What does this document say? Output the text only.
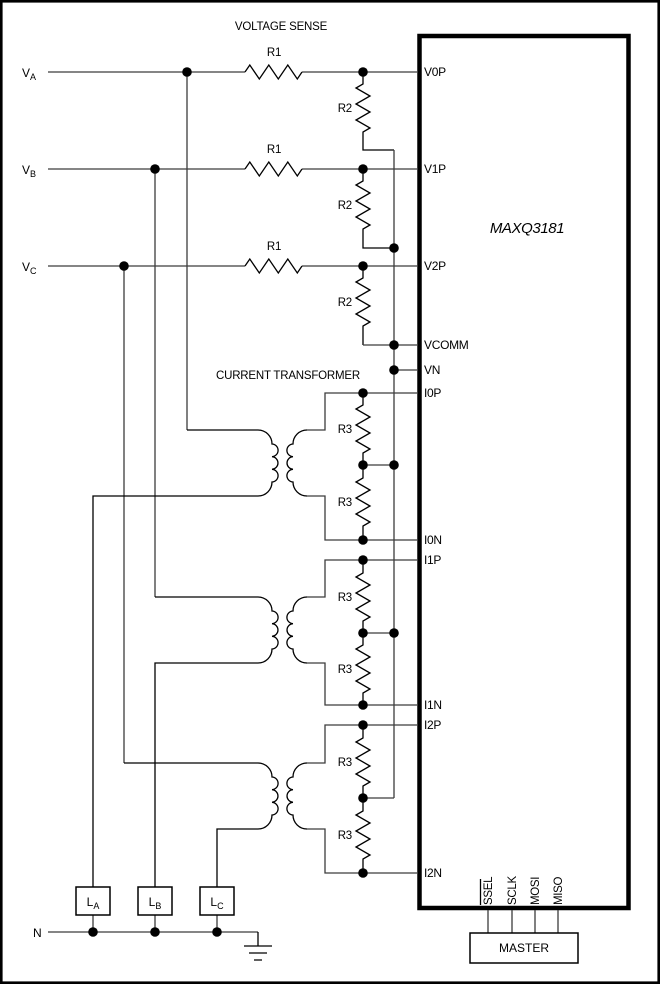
VOLTAGE SENSE
CURRENT TRANSFORMER
MAXQ3181
VA
VB
VC
R1
R1
R1
R2
R2
R2
R3
R3
R3
R3
R3
R3
V0P
V1P
V2P
VCOMM
VN
I0P
I0N
I1P
I1N
I2P
I2N
SSEL SCLK MOSI MISO
LA	LB	LC
N
MASTER
